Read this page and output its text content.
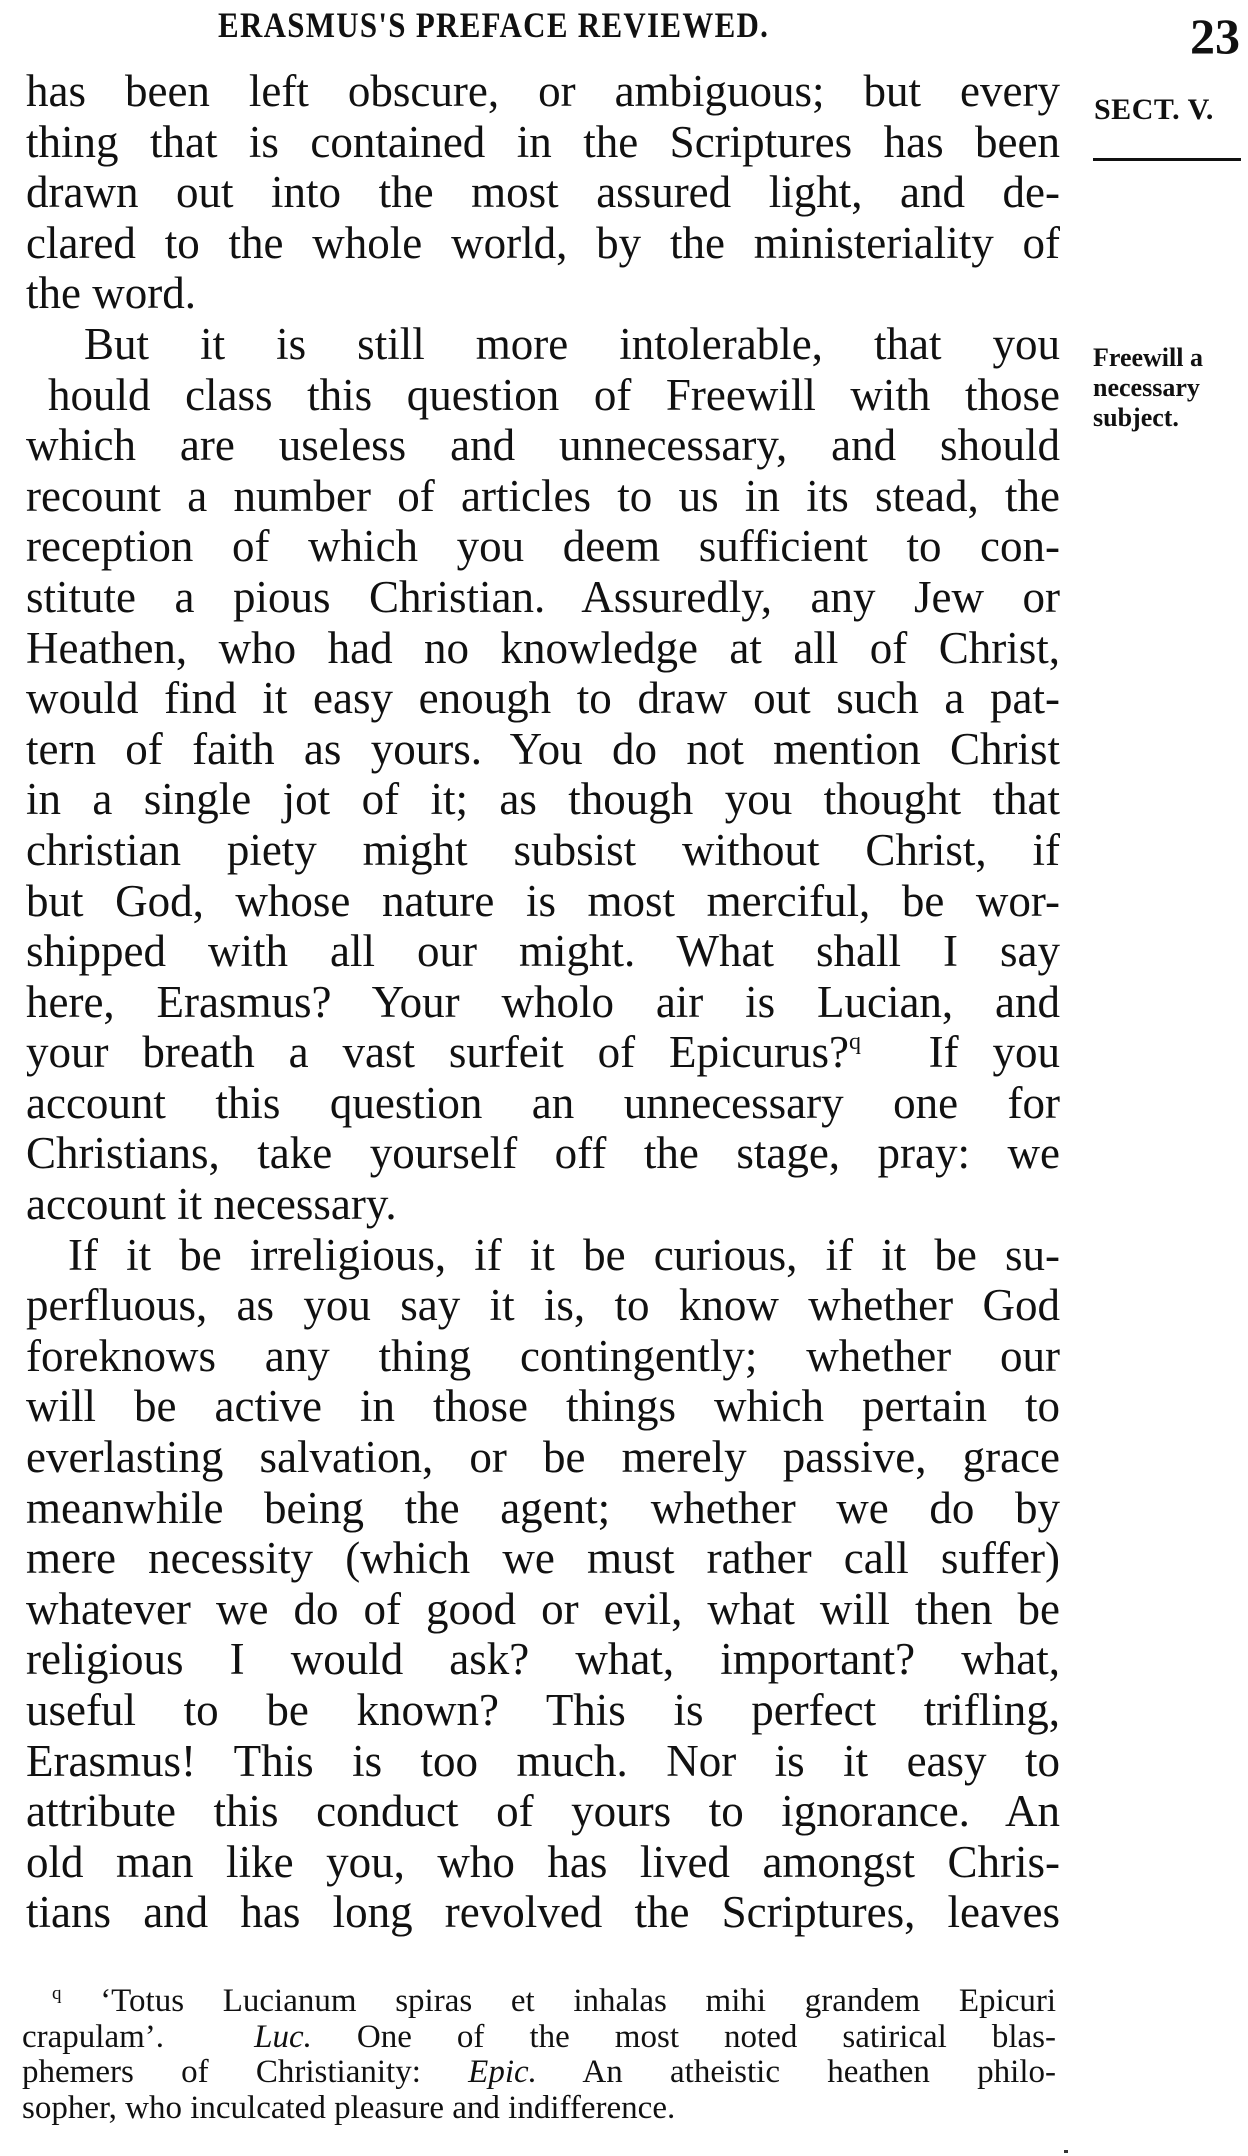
ERASMUS'S PREFACE REVIEWED.	23
SECT. V.
Freewill a
necessary
subject.
has been left obscure, or ambiguous; but every
thing that is contained in the Scriptures has been
drawn out into the most assured light, and de-
clared to the whole world, by the ministeriality of
the word.
But it is still more intolerable, that you
hould class this question of Freewill with those
which are useless and unnecessary, and should
recount a number of articles to us in its stead, the
reception of which you deem sufficient to con-
stitute a pious Christian. Assuredly, any Jew or
Heathen, who had no knowledge at all of Christ,
would find it easy enough to draw out such a pat-
tern of faith as yours. You do not mention Christ
in a single jot of it; as though you thought that
christian piety might subsist without Christ, if
but God, whose nature is most merciful, be wor-
shipped with all our might. What shall I say
here, Erasmus? Your wholo air is Lucian, and
your breath a vast surfeit of Epicurus?$^q$ If you
account this question an unnecessary one for
Christians, take yourself off the stage, pray: we
account it necessary.
If it be irreligious, if it be curious, if it be su-
perfluous, as you say it is, to know whether God
foreknows any thing contingently; whether our
will be active in those things which pertain to
everlasting salvation, or be merely passive, grace
meanwhile being the agent; whether we do by
mere necessity (which we must rather call suffer)
whatever we do of good or evil, what will then be
religious I would ask? what, important? what,
useful to be known? This is perfect trifling,
Erasmus! This is too much. Nor is it easy to
attribute this conduct of yours to ignorance. An
old man like you, who has lived amongst Chris-
tians and has long revolved the Scriptures, leaves
$^q$ ‘Totus Lucianum spiras et inhalas mihi grandem Epicuri
crapulam’.	Luc. One of the most noted satirical blas-
phemers of Christianity: Epic. An atheistic heathen philo-
sopher, who inculcated pleasure and indifference.
